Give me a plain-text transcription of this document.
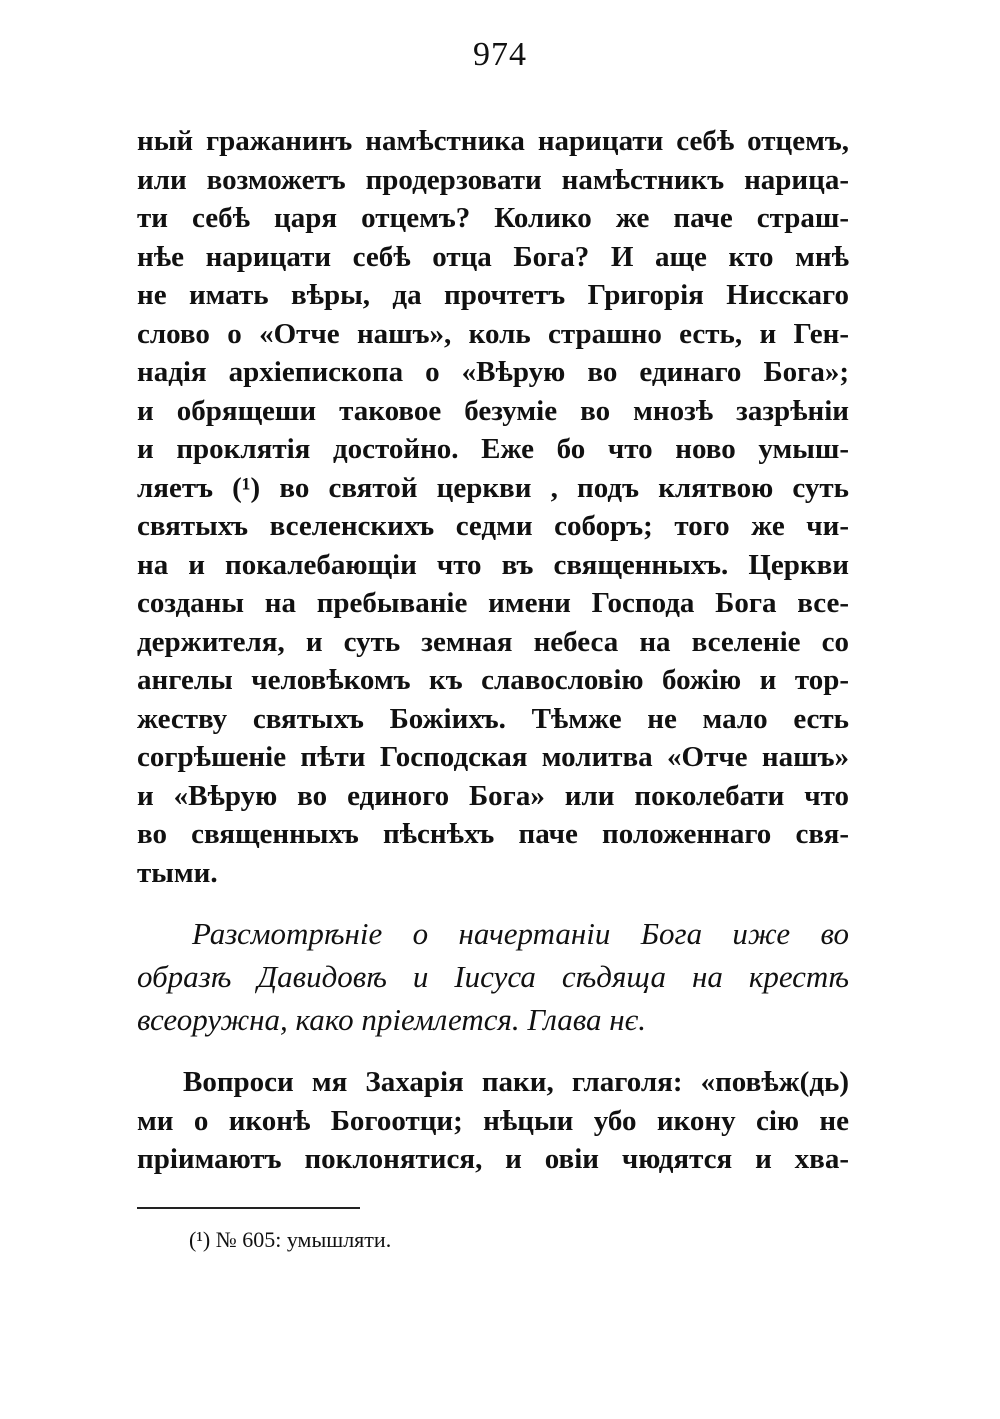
974
ный гражанинъ намѣстника нарицати себѣ отцемъ,
или возможетъ продерзовати намѣстникъ нарица-
ти себѣ царя отцемъ? Колико же паче страш-
нѣе нарицати себѣ отца Бога? И аще кто мнѣ
не имать вѣры, да прочтетъ Григорія Нисскаго
слово о «Отче нашъ», коль страшно есть, и Ген-
надія архіепископа о «Вѣрую во единаго Бога»;
и обрящеши таковое безуміе во мнозѣ зазрѣніи
и проклятія достойно. Еже бо что ново умыш-
ляетъ (¹) во святой церкви , подъ клятвою суть
святыхъ вселенскихъ седми соборъ; того же чи-
на и покалебающіи что въ священныхъ. Церкви
созданы на пребываніе имени Господа Бога все-
держителя, и суть земная небеса на вселеніе со
ангелы человѣкомъ къ славословію божію и тор-
жеству святыхъ Божіихъ. Тѣмже не мало есть
согрѣшеніе пѣти Господская молитва «Отче нашъ»
и «Вѣрую во единого Бога» или поколебати что
во священныхъ пѣснѣхъ паче положеннаго свя-
тыми.
Разсмотрѣніе о начертаніи Бога иже во
образѣ Давидовѣ и Іисуса сѣдяща на крестѣ
всеоружна, како пріемлется. Глава нє.
Вопроси мя Захарія паки, глаголя: «повѣж(дь)
ми о иконѣ Богоотци; нѣцыи убо икону сію не
пріимаютъ поклонятися, и овіи чюдятся и хва-
(¹) № 605: умышляти.
